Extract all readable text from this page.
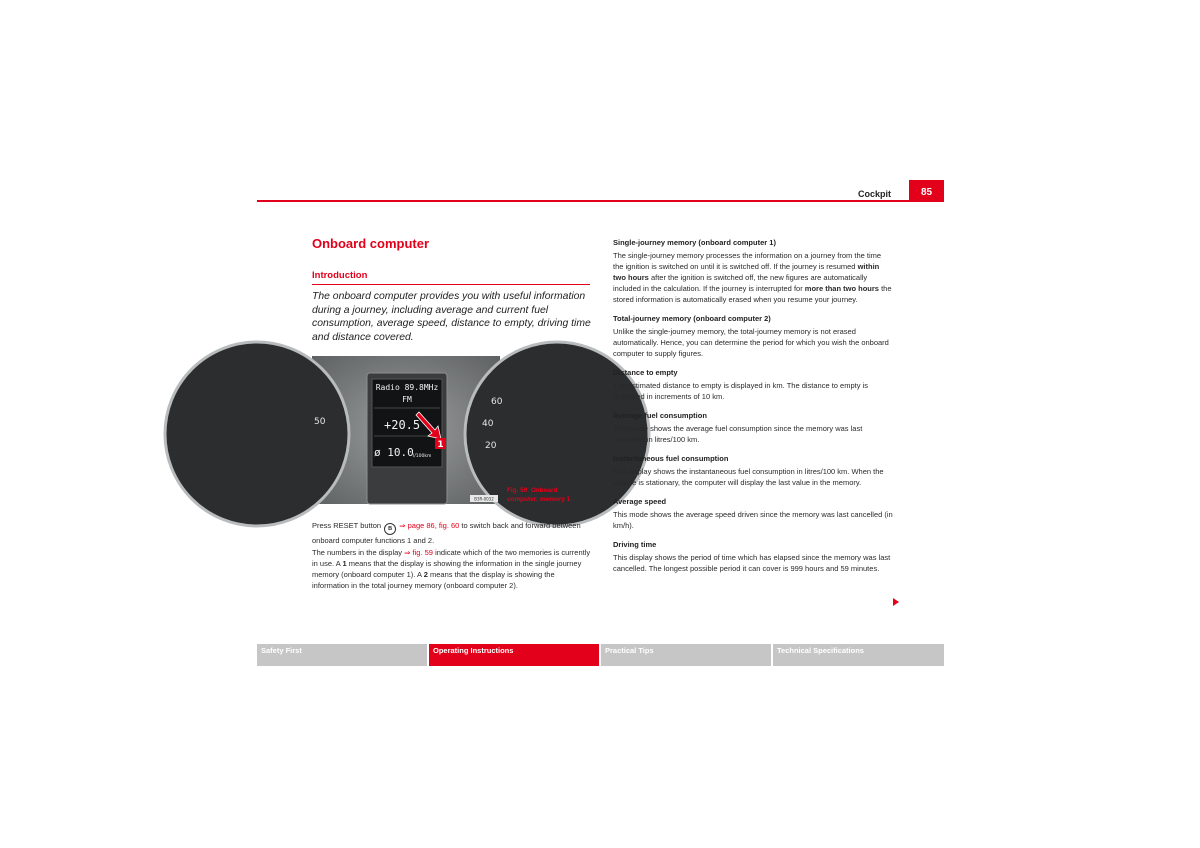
Cockpit	85
Onboard computer
Introduction

The onboard computer provides you with useful information during a journey, including average and current fuel consumption, average speed, distance to empty, driving time and distance covered.

50
60
40
20
Radio 89.8MHz
FM
+20.5
ø 10.0 l/100km
1
B3R-0032
Fig. 59 Onboard computer: memory 1

Press RESET button B ⇒ page 86, fig. 60 to switch back and forward between onboard computer functions 1 and 2.

The numbers in the display ⇒ fig. 59 indicate which of the two memories is currently in use. A 1 means that the display is showing the information in the single journey memory (onboard computer 1). A 2 means that the display is showing the information in the total journey memory (onboard computer 2).

Single-journey memory (onboard computer 1)

The single-journey memory processes the information on a journey from the time the ignition is switched on until it is switched off. If the journey is resumed within two hours after the ignition is switched off, the new figures are automatically included in the calculation. If the journey is interrupted for more than two hours the stored information is automatically erased when you resume your journey.

Total-journey memory (onboard computer 2)

Unlike the single-journey memory, the total-journey memory is not erased automatically. Hence, you can determine the period for which you wish the onboard computer to supply figures.

Distance to empty

The estimated distance to empty is displayed in km. The distance to empty is displayed in increments of 10 km.

Average fuel consumption

This mode shows the average fuel consumption since the memory was last cancelled in litres/100 km.

Instantaneous fuel consumption

The display shows the instantaneous fuel consumption in litres/100 km. When the vehicle is stationary, the computer will display the last value in the memory.

Average speed

This mode shows the average speed driven since the memory was last cancelled (in km/h).

Driving time

This display shows the period of time which has elapsed since the memory was last cancelled. The longest possible period it can cover is 999 hours and 59 minutes.

Safety First	Operating Instructions	Practical Tips	Technical Specifications
